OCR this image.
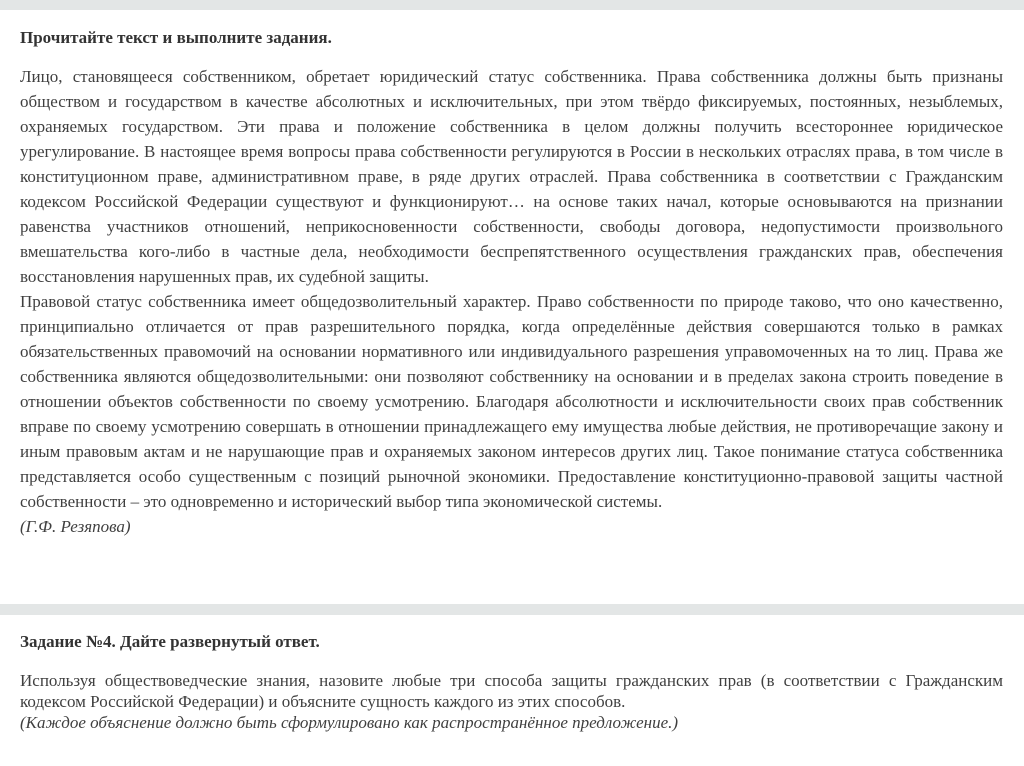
Прочитайте текст и выполните задания.

Лицо, становящееся собственником, обретает юридический статус собственника. Права собственника должны быть признаны обществом и государством в качестве абсолютных и исключительных, при этом твёрдо фиксируемых, постоянных, незыблемых, охраняемых государством. Эти права и положение собственника в целом должны получить всестороннее юридическое урегулирование. В настоящее время вопросы права собственности регулируются в России в нескольких отраслях права, в том числе в конституционном праве, административном праве, в ряде других отраслей. Права собственника в соответствии с Гражданским кодексом Российской Федерации существуют и функционируют… на основе таких начал, которые основываются на признании равенства участников отношений, неприкосновенности собственности, свободы договора, недопустимости произвольного вмешательства кого-либо в частные дела, необходимости беспрепятственного осуществления гражданских прав, обеспечения восстановления нарушенных прав, их судебной защиты.

Правовой статус собственника имеет общедозволительный характер. Право собственности по природе таково, что оно качественно, принципиально отличается от прав разрешительного порядка, когда определённые действия совершаются только в рамках обязательственных правомочий на основании нормативного или индивидуального разрешения управомоченных на то лиц. Права же собственника являются общедозволительными: они позволяют собственнику на основании и в пределах закона строить поведение в отношении объектов собственности по своему усмотрению. Благодаря абсолютности и исключительности своих прав собственник вправе по своему усмотрению совершать в отношении принадлежащего ему имущества любые действия, не противоречащие закону и иным правовым актам и не нарушающие прав и охраняемых законом интересов других лиц. Такое понимание статуса собственника представляется особо существенным с позиций рыночной экономики. Предоставление конституционно-правовой защиты частной собственности – это одновременно и исторический выбор типа экономической системы.

(Г.Ф. Резяпова)

Задание №4. Дайте развернутый ответ.

Используя обществоведческие знания, назовите любые три способа защиты гражданских прав (в соответствии с Гражданским кодексом Российской Федерации) и объясните сущность каждого из этих способов.

(Каждое объяснение должно быть сформулировано как распространённое предложение.)
